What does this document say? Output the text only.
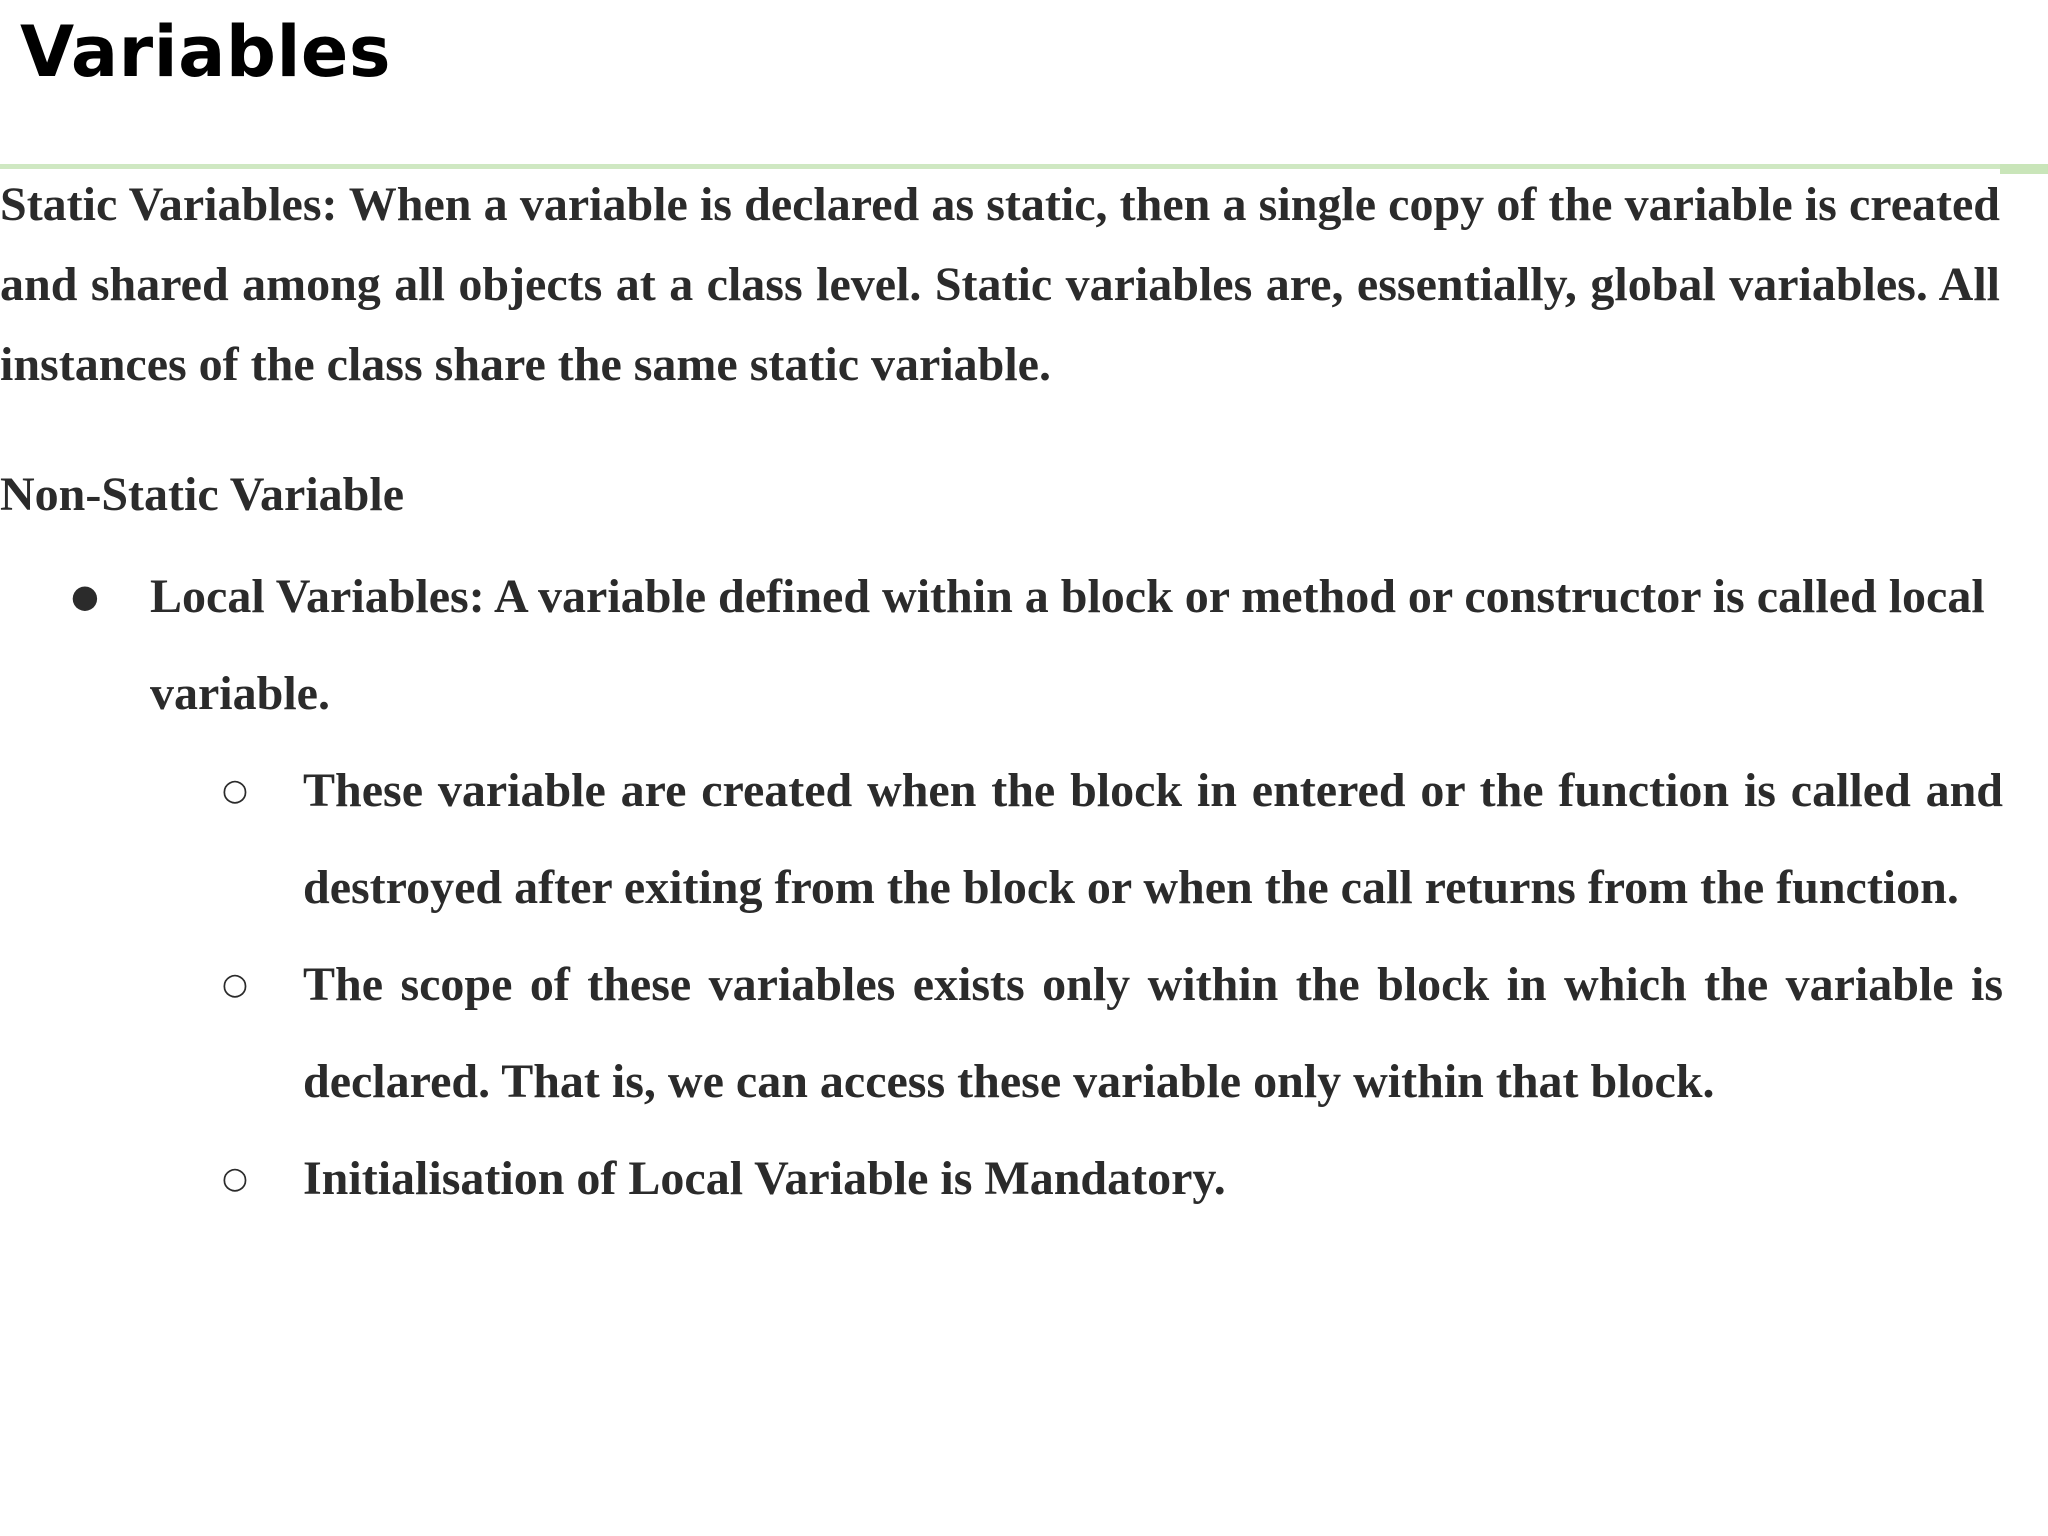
Variables

Static Variables: When a variable is declared as static, then a single copy of the variable is created and shared among all objects at a class level. Static variables are, essentially, global variables. All instances of the class share the same static variable.

Non-Static Variable

● Local Variables: A variable defined within a block or method or constructor is called local variable.
○ These variable are created when the block in entered or the function is called and destroyed after exiting from the block or when the call returns from the function.
○ The scope of these variables exists only within the block in which the variable is declared. That is, we can access these variable only within that block.
○ Initialisation of Local Variable is Mandatory.
